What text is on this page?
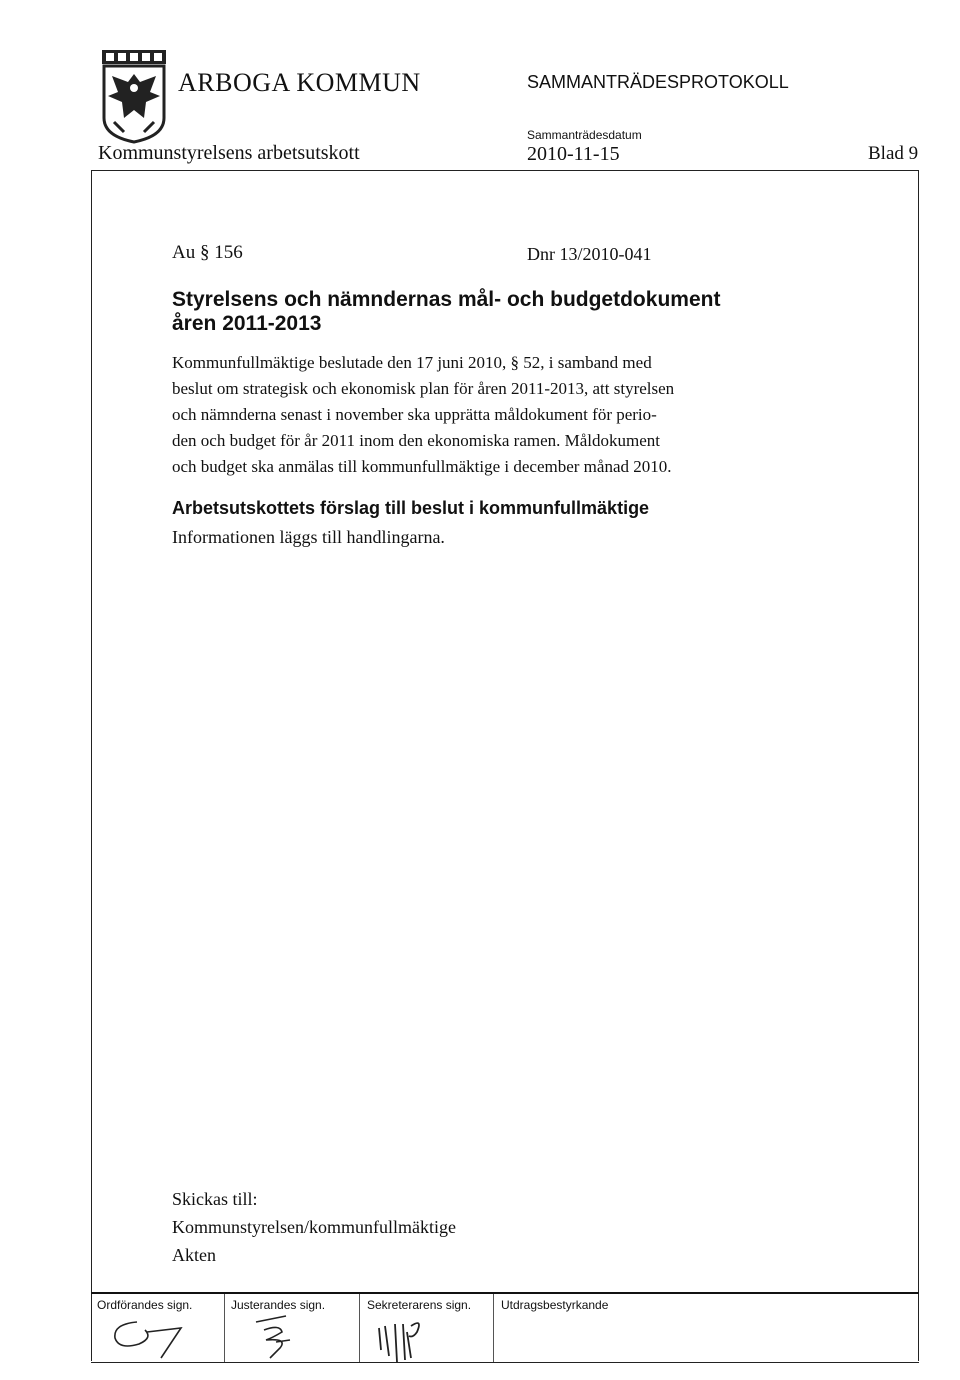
ARBOGA KOMMUN	SAMMANTRÄDESPROTOKOLL
Kommunstyrelsens arbetsutskott
Sammanträdesdatum
2010-11-15	Blad 9
Au § 156	Dnr 13/2010-041
Styrelsens och nämndernas mål- och budgetdokument
åren 2011-2013
Kommunfullmäktige beslutade den 17 juni 2010, § 52, i samband med
beslut om strategisk och ekonomisk plan för åren 2011-2013, att styrelsen
och nämnderna senast i november ska upprätta måldokument för perio-
den och budget för år 2011 inom den ekonomiska ramen. Måldokument
och budget ska anmälas till kommunfullmäktige i december månad 2010.
Arbetsutskottets förslag till beslut i kommunfullmäktige
Informationen läggs till handlingarna.
Skickas till:
Kommunstyrelsen/kommunfullmäktige
Akten
Ordförandes sign.	Justerandes sign.	Sekreterarens sign. Utdragsbestyrkande
